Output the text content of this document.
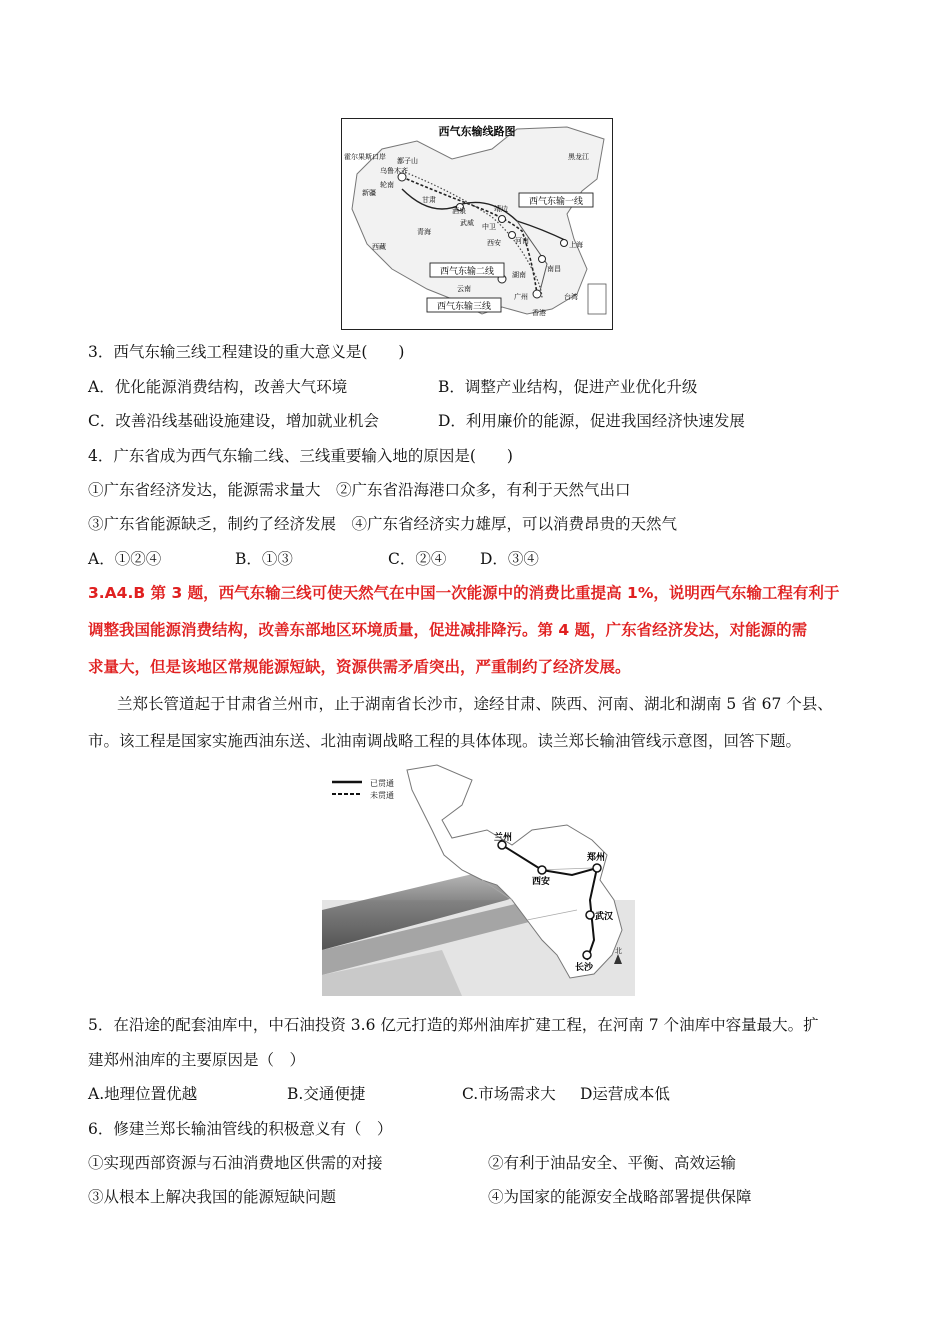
西气东输线路图
霍尔果斯口岸 鄯子山
乌鲁木齐
轮南
新疆
甘肃
酒泉
武威 中卫
靖边
西安 河南
湖南
上海
南昌
黑龙江
西藏
青海
云南
广州
香港
台湾
西气东输一线
西气东输二线
西气东输三线
3．西气东输三线工程建设的重大意义是(　　)
A．优化能源消费结构，改善大气环境	B．调整产业结构，促进产业优化升级
C．改善沿线基础设施建设，增加就业机会	D．利用廉价的能源，促进我国经济快速发展
4．广东省成为西气东输二线、三线重要输入地的原因是(　　)
①广东省经济发达，能源需求量大　②广东省沿海港口众多，有利于天然气出口
③广东省能源缺乏，制约了经济发展　④广东省经济实力雄厚，可以消费昂贵的天然气
A．①②④	B．①③	C．②④ D．③④
3.A4.B 第 3 题，西气东输三线可使天然气在中国一次能源中的消费比重提高 1%，说明西气东输工程有利于
调整我国能源消费结构，改善东部地区环境质量，促进减排降污。第 4 题，广东省经济发达，对能源的需
求量大，但是该地区常规能源短缺，资源供需矛盾突出，严重制约了经济发展。
兰郑长管道起于甘肃省兰州市，止于湖南省长沙市，途经甘肃、陕西、河南、湖北和湖南 5 省 67 个县、
市。该工程是国家实施西油东送、北油南调战略工程的具体体现。读兰郑长输油管线示意图，回答下题。
已贯通
未贯通
兰州
西安
郑州
武汉
长沙
北
5．在沿途的配套油库中，中石油投资 3.6 亿元打造的郑州油库扩建工程，在河南 7 个油库中容量最大。扩
建郑州油库的主要原因是（　）
A.地理位置优越	B.交通便捷	C.市场需求大 D运营成本低
6．修建兰郑长输油管线的积极意义有（　）
①实现西部资源与石油消费地区供需的对接	②有利于油品安全、平衡、高效运输
③从根本上解决我国的能源短缺问题	④为国家的能源安全战略部署提供保障
